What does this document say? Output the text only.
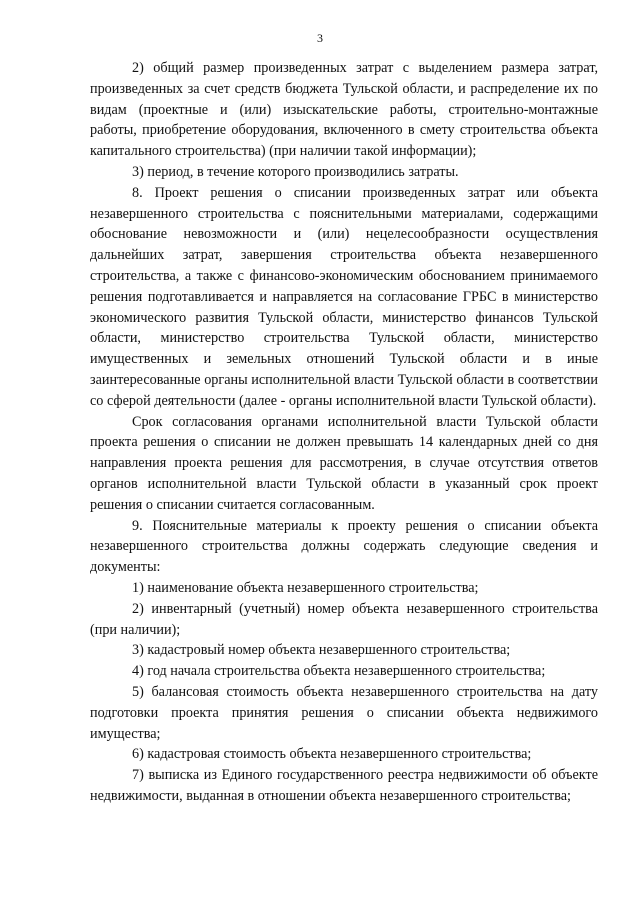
3

2) общий размер произведенных затрат с выделением размера затрат, произведенных за счет средств бюджета Тульской области, и распределение их по видам (проектные и (или) изыскательские работы, строительно-монтажные работы, приобретение оборудования, включенного в смету строительства объекта капитального строительства) (при наличии такой информации);

3) период, в течение которого производились затраты.

8. Проект решения о списании произведенных затрат или объекта незавершенного строительства с пояснительными материалами, содержащими обоснование невозможности и (или) нецелесообразности осуществления дальнейших затрат, завершения строительства объекта незавершенного строительства, а также с финансово-экономическим обоснованием принимаемого решения подготавливается и направляется на согласование ГРБС в министерство экономического развития Тульской области, министерство финансов Тульской области, министерство строительства Тульской области, министерство имущественных и земельных отношений Тульской области и в иные заинтересованные органы исполнительной власти Тульской области в соответствии со сферой деятельности (далее - органы исполнительной власти Тульской области).

Срок согласования органами исполнительной власти Тульской области проекта решения о списании не должен превышать 14 календарных дней со дня направления проекта решения для рассмотрения, в случае отсутствия ответов органов исполнительной власти Тульской области в указанный срок проект решения о списании считается согласованным.

9. Пояснительные материалы к проекту решения о списании объекта незавершенного строительства должны содержать следующие сведения и документы:

1) наименование объекта незавершенного строительства;

2) инвентарный (учетный) номер объекта незавершенного строительства (при наличии);

3) кадастровый номер объекта незавершенного строительства;

4) год начала строительства объекта незавершенного строительства;

5) балансовая стоимость объекта незавершенного строительства на дату подготовки проекта принятия решения о списании объекта недвижимого имущества;

6) кадастровая стоимость объекта незавершенного строительства;

7) выписка из Единого государственного реестра недвижимости об объекте недвижимости, выданная в отношении объекта незавершенного строительства;
